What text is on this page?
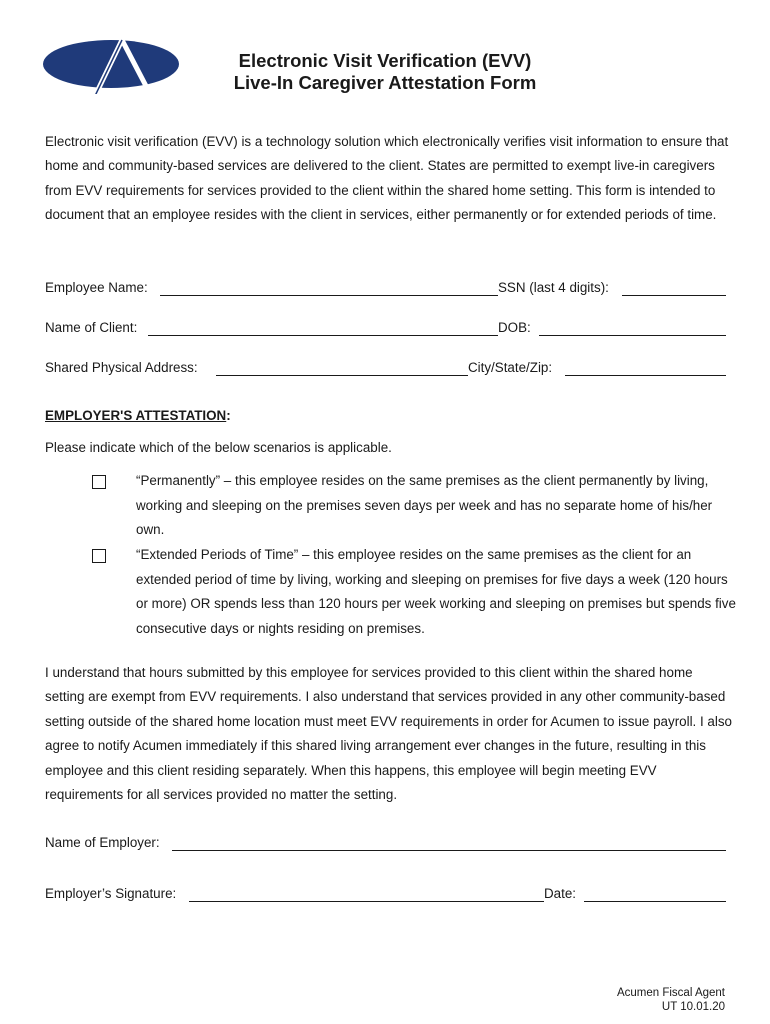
Electronic Visit Verification (EVV)
Live-In Caregiver Attestation Form

Electronic visit verification (EVV) is a technology solution which electronically verifies visit information to ensure that home and community-based services are delivered to the client. States are permitted to exempt live-in caregivers from EVV requirements for services provided to the client within the shared home setting. This form is intended to document that an employee resides with the client in services, either permanently or for extended periods of time.

Employee Name:	SSN (last 4 digits):
Name of Client:	DOB:
Shared Physical Address:	City/State/Zip:
EMPLOYER'S ATTESTATION:
Please indicate which of the below scenarios is applicable.

“Permanently” – this employee resides on the same premises as the client permanently by living, working and sleeping on the premises seven days per week and has no separate home of his/her own.

“Extended Periods of Time” – this employee resides on the same premises as the client for an extended period of time by living, working and sleeping on premises for five days a week (120 hours or more) OR spends less than 120 hours per week working and sleeping on premises but spends five consecutive days or nights residing on premises.

I understand that hours submitted by this employee for services provided to this client within the shared home setting are exempt from EVV requirements. I also understand that services provided in any other community-based setting outside of the shared home location must meet EVV requirements in order for Acumen to issue payroll. I also agree to notify Acumen immediately if this shared living arrangement ever changes in the future, resulting in this employee and this client residing separately. When this happens, this employee will begin meeting EVV requirements for all services provided no matter the setting.

Name of Employer:
Employer’s Signature:	Date:
Acumen Fiscal Agent
UT 10.01.20
